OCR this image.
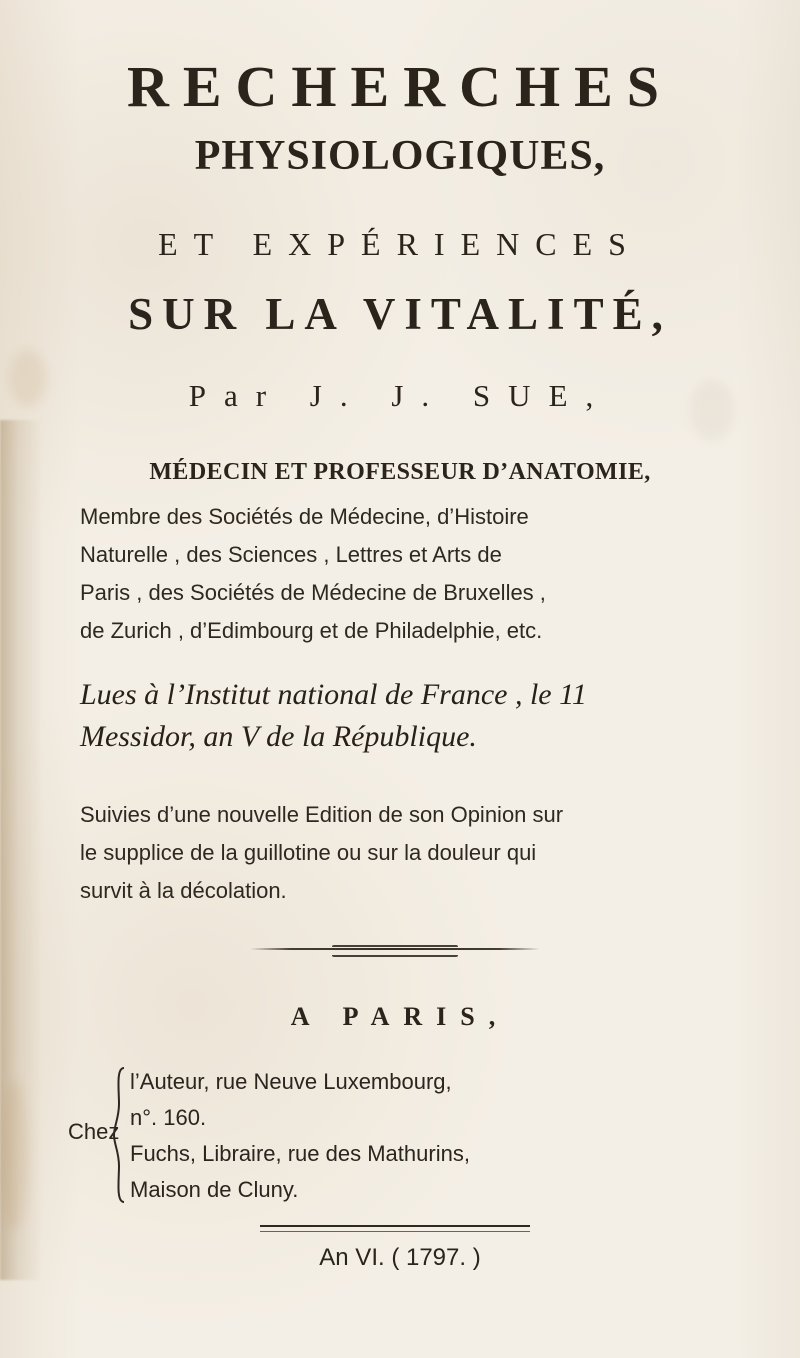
RECHERCHES
PHYSIOLOGIQUES,
ET EXPÉRIENCES
SUR LA VITALITÉ,
Par J. J. SUE,
MÉDECIN ET PROFESSEUR D’ANATOMIE,
Membre des Sociétés de Médecine, d’Histoire
Naturelle , des Sciences , Lettres et Arts de
Paris , des Sociétés de Médecine de Bruxelles ,
de Zurich , d’Edimbourg et de Philadelphie, etc.
Lues à l’Institut national de France , le 11
Messidor, an V de la République.
Suivies d’une nouvelle Edition de son Opinion sur
le supplice de la guillotine ou sur la douleur qui
survit à la décolation.
A PARIS,
Chez
l’Auteur, rue Neuve Luxembourg,
n°. 160.
Fuchs, Libraire, rue des Mathurins,
Maison de Cluny.
An VI. ( 1797. )
